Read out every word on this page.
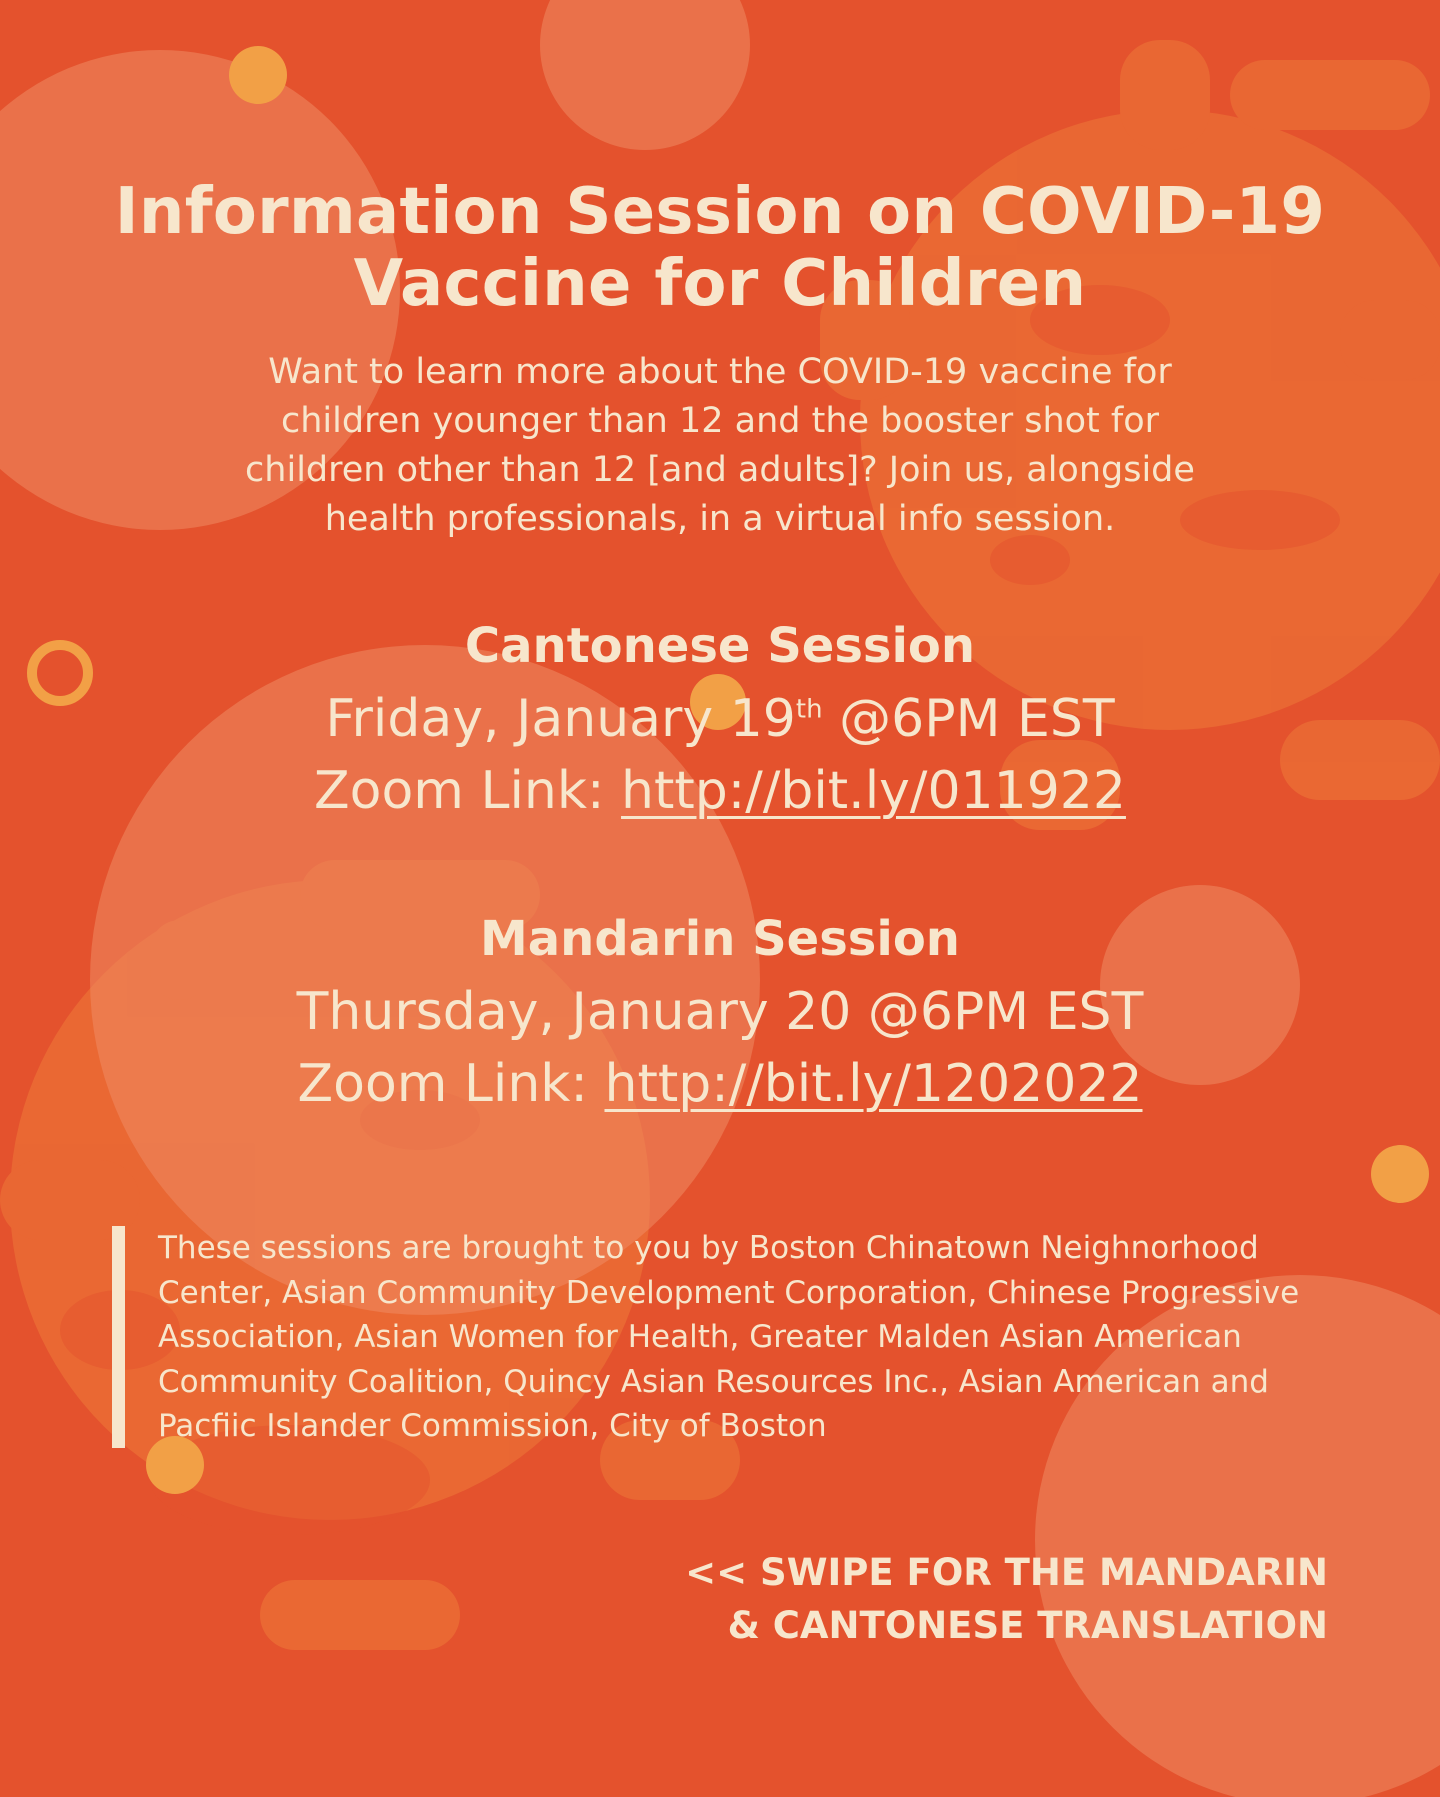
Information Session on COVID-19
Vaccine for Children
Want to learn more about the COVID-19 vaccine for
children younger than 12 and the booster shot for
children other than 12 [and adults]? Join us, alongside
health professionals, in a virtual info session.
Cantonese Session
Friday, January 19th @6PM EST
Zoom Link: http://bit.ly/011922
Mandarin Session
Thursday, January 20 @6PM EST
Zoom Link: http://bit.ly/1202022
These sessions are brought to you by Boston Chinatown Neighnorhood
Center, Asian Community Development Corporation, Chinese Progressive
Association, Asian Women for Health, Greater Malden Asian American
Community Coalition, Quincy Asian Resources Inc., Asian American and
Pacfiic Islander Commission, City of Boston
<< SWIPE FOR THE MANDARIN
& CANTONESE TRANSLATION
